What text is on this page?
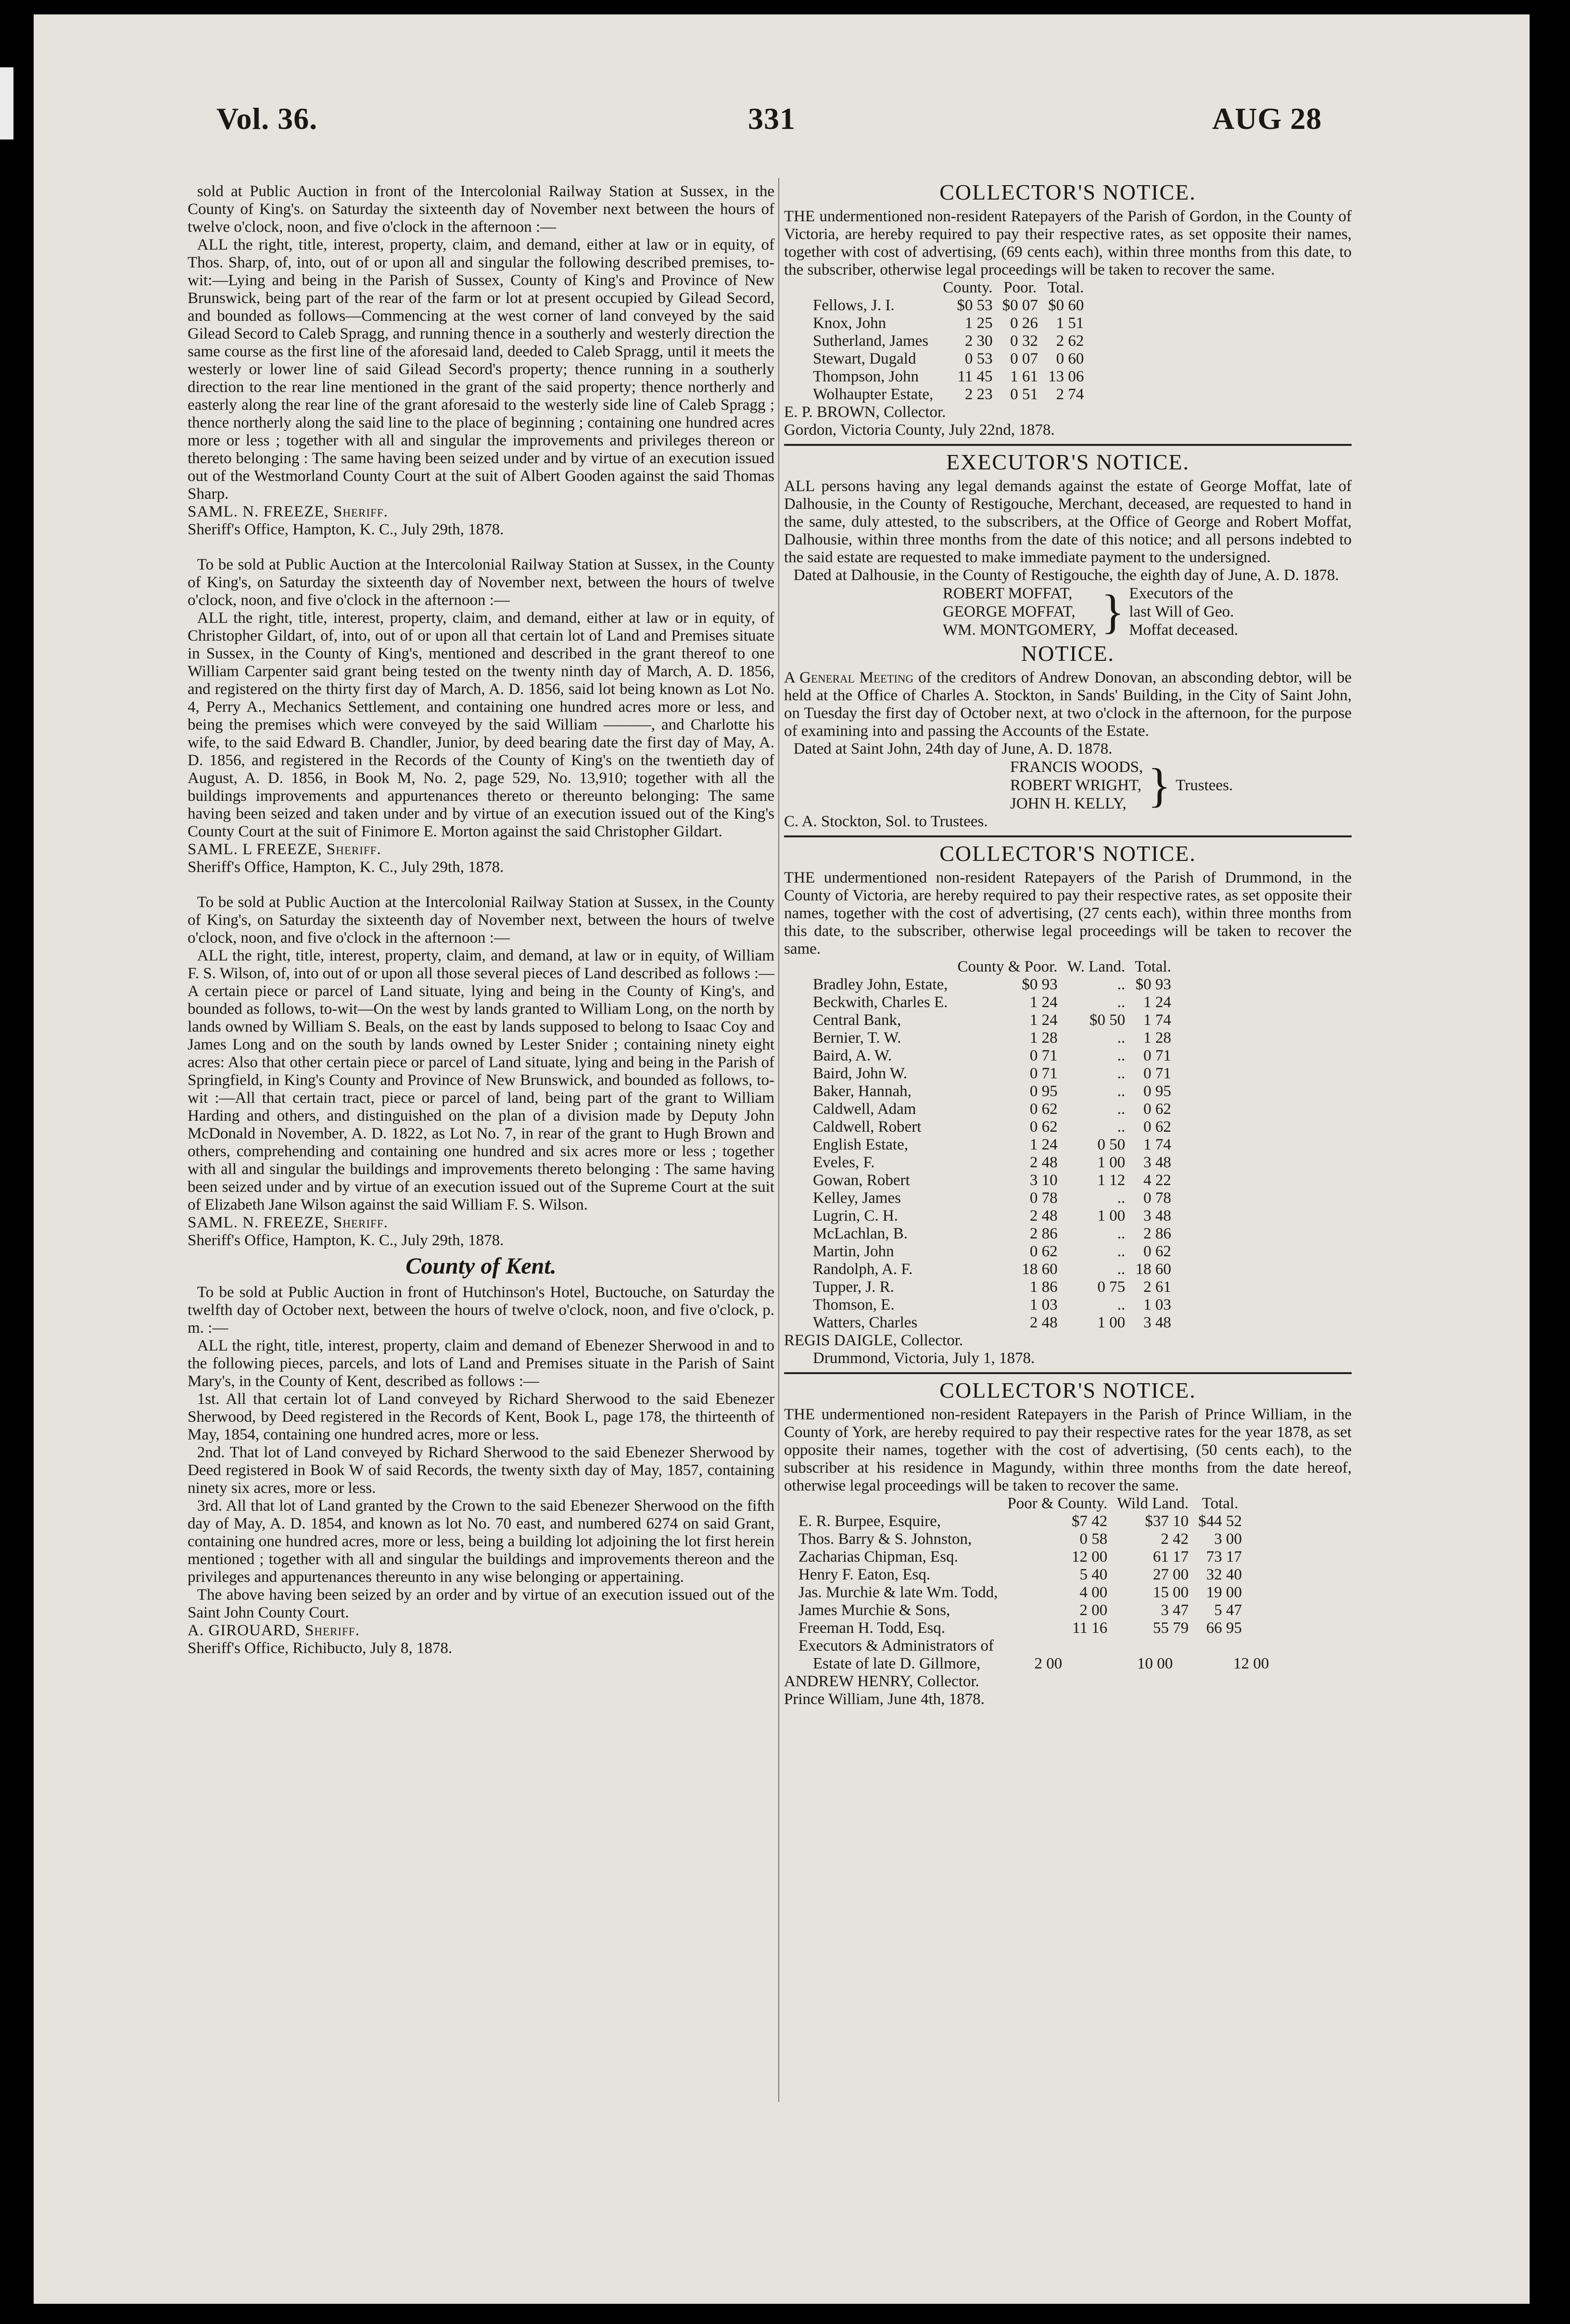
Vol. 36.	331	AUG 28

sold at Public Auction in front of the Intercolonial Railway Station at Sussex, in the County of King's. on Saturday the sixteenth day of November next between the hours of twelve o'clock, noon, and five o'clock in the afternoon :—

ALL the right, title, interest, property, claim, and demand, either at law or in equity, of Thos. Sharp, of, into, out of or upon all and singular the following described premises, to-wit:—Lying and being in the Parish of Sussex, County of King's and Province of New Brunswick, being part of the rear of the farm or lot at present occupied by Gilead Secord, and bounded as follows—Commencing at the west corner of land conveyed by the said Gilead Secord to Caleb Spragg, and running thence in a southerly and westerly direction the same course as the first line of the aforesaid land, deeded to Caleb Spragg, until it meets the westerly or lower line of said Gilead Secord's property; thence running in a southerly direction to the rear line mentioned in the grant of the said property; thence northerly and easterly along the rear line of the grant aforesaid to the westerly side line of Caleb Spragg ; thence northerly along the said line to the place of beginning ; containing one hundred acres more or less ; together with all and singular the improvements and privileges thereon or thereto belonging : The same having been seized under and by virtue of an execution issued out of the Westmorland County Court at the suit of Albert Gooden against the said Thomas Sharp.

SAML. N. FREEZE, Sheriff.

Sheriff's Office, Hampton, K. C., July 29th, 1878.

To be sold at Public Auction at the Intercolonial Railway Station at Sussex, in the County of King's, on Saturday the sixteenth day of November next, between the hours of twelve o'clock, noon, and five o'clock in the afternoon :—

ALL the right, title, interest, property, claim, and demand, either at law or in equity, of Christopher Gildart, of, into, out of or upon all that certain lot of Land and Premises situate in Sussex, in the County of King's, mentioned and described in the grant thereof to one William Carpenter said grant being tested on the twenty ninth day of March, A. D. 1856, and registered on the thirty first day of March, A. D. 1856, said lot being known as Lot No. 4, Perry A., Mechanics Settlement, and containing one hundred acres more or less, and being the premises which were conveyed by the said William ———, and Charlotte his wife, to the said Edward B. Chandler, Junior, by deed bearing date the first day of May, A. D. 1856, and registered in the Records of the County of King's on the twentieth day of August, A. D. 1856, in Book M, No. 2, page 529, No. 13,910; together with all the buildings improvements and appurtenances thereto or thereunto belonging: The same having been seized and taken under and by virtue of an execution issued out of the King's County Court at the suit of Finimore E. Morton against the said Christopher Gildart.

SAML. L FREEZE, Sheriff.

Sheriff's Office, Hampton, K. C., July 29th, 1878.

To be sold at Public Auction at the Intercolonial Railway Station at Sussex, in the County of King's, on Saturday the sixteenth day of November next, between the hours of twelve o'clock, noon, and five o'clock in the afternoon :—

ALL the right, title, interest, property, claim, and demand, at law or in equity, of William F. S. Wilson, of, into out of or upon all those several pieces of Land described as follows :—A certain piece or parcel of Land situate, lying and being in the County of King's, and bounded as follows, to-wit—On the west by lands granted to William Long, on the north by lands owned by William S. Beals, on the east by lands supposed to belong to Isaac Coy and James Long and on the south by lands owned by Lester Snider ; containing ninety eight acres: Also that other certain piece or parcel of Land situate, lying and being in the Parish of Springfield, in King's County and Province of New Brunswick, and bounded as follows, to-wit :—All that certain tract, piece or parcel of land, being part of the grant to William Harding and others, and distinguished on the plan of a division made by Deputy John McDonald in November, A. D. 1822, as Lot No. 7, in rear of the grant to Hugh Brown and others, comprehending and containing one hundred and six acres more or less ; together with all and singular the buildings and improvements thereto belonging : The same having been seized under and by virtue of an execution issued out of the Supreme Court at the suit of Elizabeth Jane Wilson against the said William F. S. Wilson.

SAML. N. FREEZE, Sheriff.

Sheriff's Office, Hampton, K. C., July 29th, 1878.

County of Kent.

To be sold at Public Auction in front of Hutchinson's Hotel, Buctouche, on Saturday the twelfth day of October next, between the hours of twelve o'clock, noon, and five o'clock, p. m. :—

ALL the right, title, interest, property, claim and demand of Ebenezer Sherwood in and to the following pieces, parcels, and lots of Land and Premises situate in the Parish of Saint Mary's, in the County of Kent, described as follows :—

1st. All that certain lot of Land conveyed by Richard Sherwood to the said Ebenezer Sherwood, by Deed registered in the Records of Kent, Book L, page 178, the thirteenth of May, 1854, containing one hundred acres, more or less.

2nd. That lot of Land conveyed by Richard Sherwood to the said Ebenezer Sherwood by Deed registered in Book W of said Records, the twenty sixth day of May, 1857, containing ninety six acres, more or less.

3rd. All that lot of Land granted by the Crown to the said Ebenezer Sherwood on the fifth day of May, A. D. 1854, and known as lot No. 70 east, and numbered 6274 on said Grant, containing one hundred acres, more or less, being a building lot adjoining the lot first herein mentioned ; together with all and singular the buildings and improvements thereon and the privileges and appurtenances thereunto in any wise belonging or appertaining.

The above having been seized by an order and by virtue of an execution issued out of the Saint John County Court.

A. GIROUARD, Sheriff.

Sheriff's Office, Richibucto, July 8, 1878.

COLLECTOR'S NOTICE.

THE undermentioned non-resident Ratepayers of the Parish of Gordon, in the County of Victoria, are hereby required to pay their respective rates, as set opposite their names, together with cost of advertising, (69 cents each), within three months from this date, to the subscriber, otherwise legal proceedings will be taken to recover the same.

	County.	Poor.	Total.
Fellows, J. I.	$0 53	$0 07	$0 60
Knox, John	1 25	0 26	1 51
Sutherland, James	2 30	0 32	2 62
Stewart, Dugald	0 53	0 07	0 60
Thompson, John	11 45	1 61	13 06
Wolhaupter Estate,	2 23	0 51	2 74

E. P. BROWN, Collector.

Gordon, Victoria County, July 22nd, 1878.

EXECUTOR'S NOTICE.

ALL persons having any legal demands against the estate of George Moffat, late of Dalhousie, in the County of Restigouche, Merchant, deceased, are requested to hand in the same, duly attested, to the subscribers, at the Office of George and Robert Moffat, Dalhousie, within three months from the date of this notice; and all persons indebted to the said estate are requested to make immediate payment to the undersigned.

Dated at Dalhousie, in the County of Restigouche, the eighth day of June, A. D. 1878.

ROBERT MOFFAT,
GEORGE MOFFAT,
WM. MONTGOMERY, } Executors of the
last Will of Geo.
Moffat deceased.
NOTICE.

A General Meeting of the creditors of Andrew Donovan, an absconding debtor, will be held at the Office of Charles A. Stockton, in Sands' Building, in the City of Saint John, on Tuesday the first day of October next, at two o'clock in the afternoon, for the purpose of examining into and passing the Accounts of the Estate.

Dated at Saint John, 24th day of June, A. D. 1878.

FRANCIS WOODS,
ROBERT WRIGHT,
JOHN H. KELLY, } Trustees.

C. A. Stockton, Sol. to Trustees.

COLLECTOR'S NOTICE.

THE undermentioned non-resident Ratepayers of the Parish of Drummond, in the County of Victoria, are hereby required to pay their respective rates, as set opposite their names, together with the cost of advertising, (27 cents each), within three months from this date, to the subscriber, otherwise legal proceedings will be taken to recover the same.

	County & Poor.	W. Land.	Total.
Bradley John, Estate,	$0 93	..	$0 93
Beckwith, Charles E.	1 24	..	1 24
Central Bank,	1 24	$0 50	1 74
Bernier, T. W.	1 28	..	1 28
Baird, A. W.	0 71	..	0 71
Baird, John W.	0 71	..	0 71
Baker, Hannah,	0 95	..	0 95
Caldwell, Adam	0 62	..	0 62
Caldwell, Robert	0 62	..	0 62
English Estate,	1 24	0 50	1 74
Eveles, F.	2 48	1 00	3 48
Gowan, Robert	3 10	1 12	4 22
Kelley, James	0 78	..	0 78
Lugrin, C. H.	2 48	1 00	3 48
McLachlan, B.	2 86	..	2 86
Martin, John	0 62	..	0 62
Randolph, A. F.	18 60	..	18 60
Tupper, J. R.	1 86	0 75	2 61
Thomson, E.	1 03	..	1 03
Watters, Charles	2 48	1 00	3 48

REGIS DAIGLE, Collector.

Drummond, Victoria, July 1, 1878.

COLLECTOR'S NOTICE.

THE undermentioned non-resident Ratepayers in the Parish of Prince William, in the County of York, are hereby required to pay their respective rates for the year 1878, as set opposite their names, together with the cost of advertising, (50 cents each), to the subscriber at his residence in Magundy, within three months from the date hereof, otherwise legal proceedings will be taken to recover the same.

	Poor & County.	Wild Land.	Total.
E. R. Burpee, Esquire,	$7 42	$37 10	$44 52
Thos. Barry & S. Johnston,	0 58	2 42	3 00
Zacharias Chipman, Esq.	12 00	61 17	73 17
Henry F. Eaton, Esq.	5 40	27 00	32 40
Jas. Murchie & late Wm. Todd,	4 00	15 00	19 00
James Murchie & Sons,	2 00	3 47	5 47
Freeman H. Todd, Esq.	11 16	55 79	66 95
Executors & Administrators of
Estate of late D. Gillmore,	2 00	10 00	12 00

ANDREW HENRY, Collector.

Prince William, June 4th, 1878.
